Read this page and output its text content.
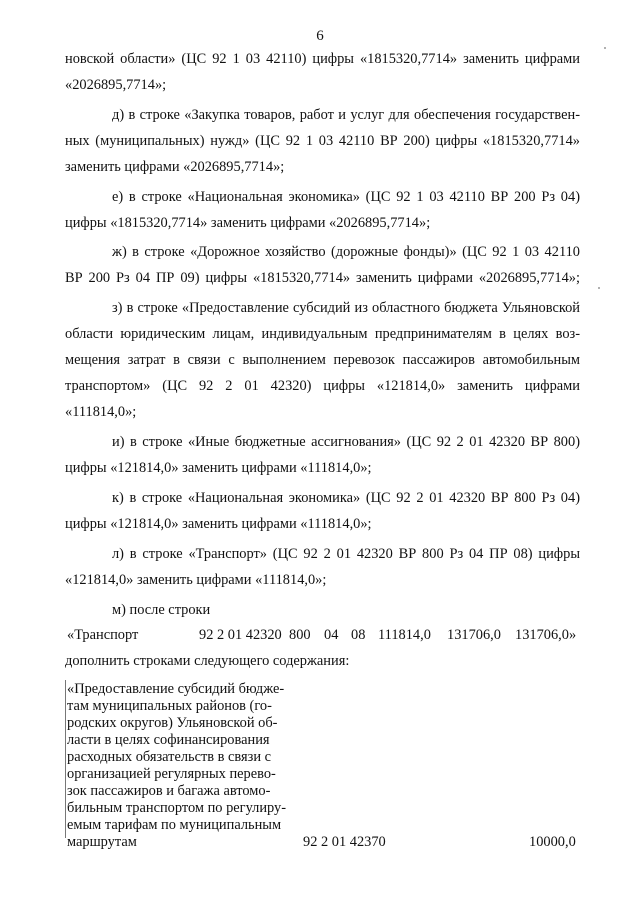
6
новской области» (ЦС 92 1 03 42110) цифры «1815320,7714» заменить цифрами
«2026895,7714»;
д) в строке «Закупка товаров, работ и услуг для обеспечения государствен-
ных (муниципальных) нужд» (ЦС 92 1 03 42110 ВР 200) цифры «1815320,7714»
заменить цифрами «2026895,7714»;
е) в строке «Национальная экономика» (ЦС 92 1 03 42110 ВР 200 Рз 04)
цифры «1815320,7714» заменить цифрами «2026895,7714»;
ж) в строке «Дорожное хозяйство (дорожные фонды)» (ЦС 92 1 03 42110
ВР 200 Рз 04 ПР 09) цифры «1815320,7714» заменить цифрами «2026895,7714»;
з) в строке «Предоставление субсидий из областного бюджета Ульяновской
области юридическим лицам, индивидуальным предпринимателям в целях воз-
мещения затрат в связи с выполнением перевозок пассажиров автомобильным
транспортом» (ЦС 92 2 01 42320) цифры «121814,0» заменить цифрами
«111814,0»;
и) в строке «Иные бюджетные ассигнования» (ЦС 92 2 01 42320 ВР 800)
цифры «121814,0» заменить цифрами «111814,0»;
к) в строке «Национальная экономика» (ЦС 92 2 01 42320 ВР 800 Рз 04)
цифры «121814,0» заменить цифрами «111814,0»;
л) в строке «Транспорт» (ЦС 92 2 01 42320 ВР 800 Рз 04 ПР 08) цифры
«121814,0» заменить цифрами «111814,0»;
м) после строки
«Транспорт	92 2 01 42320 800 04 08 111814,0 131706,0 131706,0»
дополнить строками следующего содержания:
«Предоставление субсидий бюдже-
там муниципальных районов (го-
родских округов) Ульяновской об-
ласти в целях софинансирования
расходных обязательств в связи с
организацией регулярных перево-
зок пассажиров и багажа автомо-
бильным транспортом по регулиру-
емым тарифам по муниципальным
маршрутам	92 2 01 42370	10000,0
